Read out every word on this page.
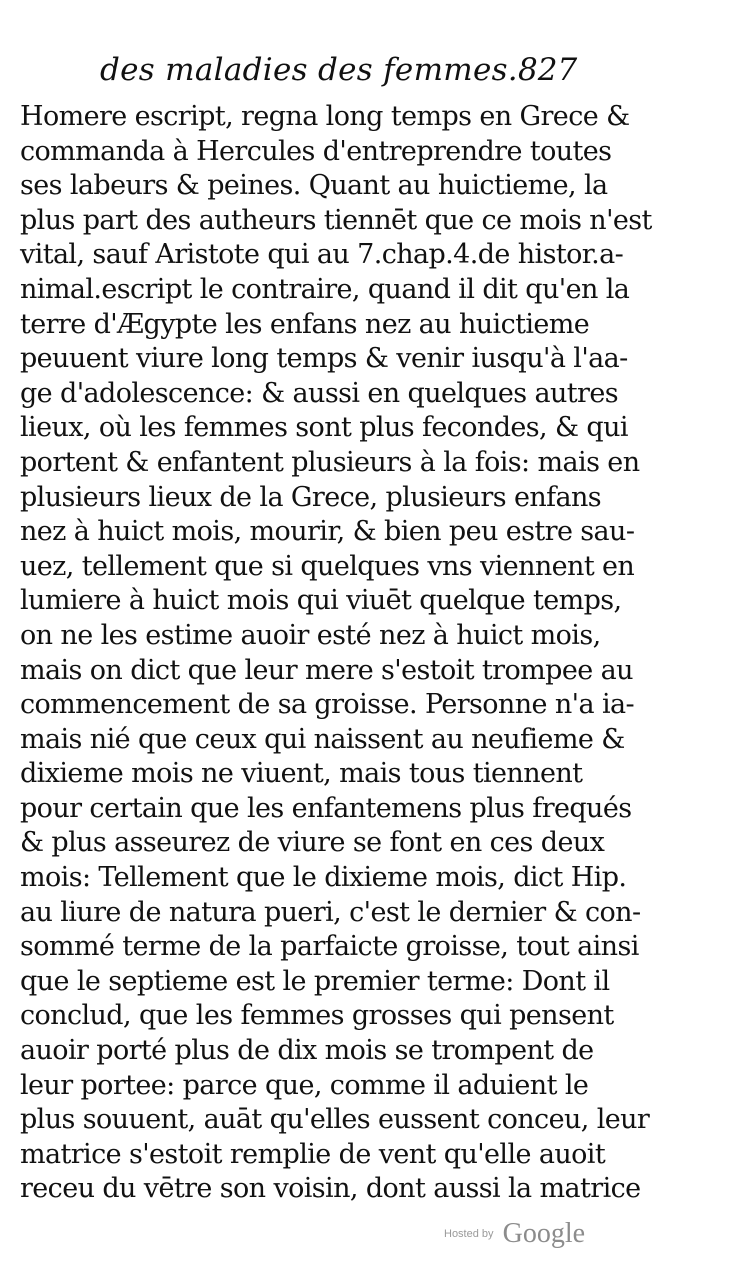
des maladies des femmes. 827
Homere escript, regna long temps en Grece &
commanda à Hercules d'entreprendre toutes
ses labeurs & peines. Quant au huictieme, la
plus part des autheurs tiennēt que ce mois n'est
vital, sauf Aristote qui au 7.chap.4.de histor.a-
nimal.escript le contraire, quand il dit qu'en la
terre d'Ægypte les enfans nez au huictieme
peuuent viure long temps & venir iusqu'à l'aa-
ge d'adolescence: & aussi en quelques autres
lieux, où les femmes sont plus fecondes, & qui
portent & enfantent plusieurs à la fois: mais en
plusieurs lieux de la Grece, plusieurs enfans
nez à huict mois, mourir, & bien peu estre sau-
uez, tellement que si quelques vns viennent en
lumiere à huict mois qui viuēt quelque temps,
on ne les estime auoir esté nez à huict mois,
mais on dict que leur mere s'estoit trompee au
commencement de sa groisse. Personne n'a ia-
mais nié que ceux qui naissent au neufieme &
dixieme mois ne viuent, mais tous tiennent
pour certain que les enfantemens plus frequés
& plus asseurez de viure se font en ces deux
mois: Tellement que le dixieme mois, dict Hip.
au liure de natura pueri, c'est le dernier & con-
sommé terme de la parfaicte groisse, tout ainsi
que le septieme est le premier terme: Dont il
conclud, que les femmes grosses qui pensent
auoir porté plus de dix mois se trompent de
leur portee: parce que, comme il aduient le
plus souuent, auāt qu'elles eussent conceu, leur
matrice s'estoit remplie de vent qu'elle auoit
receu du vētre son voisin, dont aussi la matrice
Hosted by Google
